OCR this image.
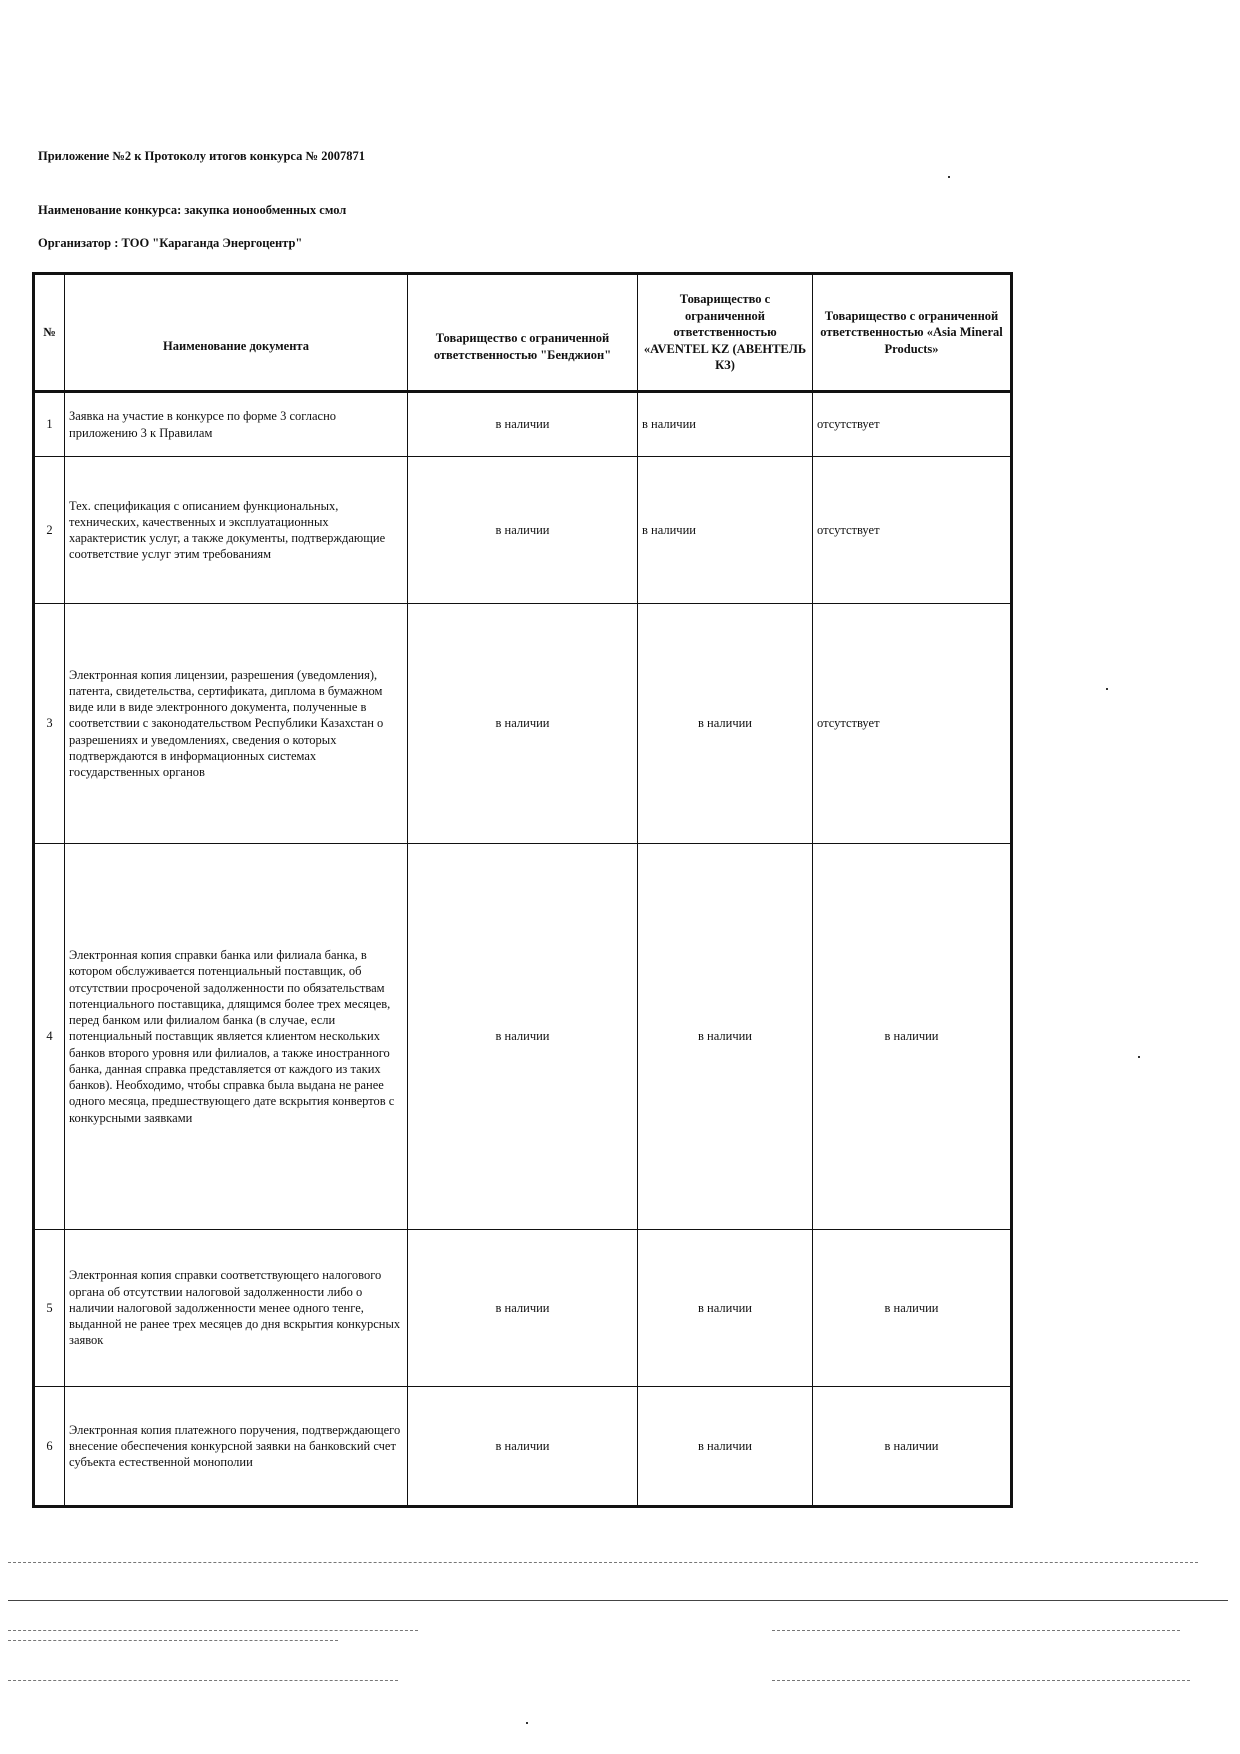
Приложение №2 к Протоколу итогов конкурса № 2007871
Наименование конкурса: закупка ионообменных смол
Организатор : ТОО "Караганда Энергоцентр"
№	Наименование документа	Товарищество с ограниченной ответственностью "Бенджион"	Товарищество с ограниченной ответственностью «AVENTEL KZ (АВЕНТЕЛЬ КЗ)	Товарищество с ограниченной ответственностью «Asia Mineral Products»
1	Заявка на участие в конкурсе по форме 3 согласно приложению 3 к Правилам	в наличии	в наличии	отсутствует
2	Тех. спецификация с описанием функциональных, технических, качественных и эксплуатационных характеристик услуг, а также документы, подтверждающие соответствие услуг этим требованиям	в наличии	в наличии	отсутствует
3	Электронная копия лицензии, разрешения (уведомления), патента, свидетельства, сертификата, диплома в бумажном виде или в виде электронного документа, полученные в соответствии с законодательством Республики Казахстан о разрешениях и уведомлениях, сведения о которых подтверждаются в информационных системах государственных органов	в наличии	в наличии	отсутствует
4	Электронная копия справки банка или филиала банка, в котором обслуживается потенциальный поставщик, об отсутствии просроченой задолженности по обязательствам потенциального поставщика, длящимся более трех месяцев, перед банком или филиалом банка (в случае, если потенциальный поставщик является клиентом нескольких банков второго уровня или филиалов, а также иностранного банка, данная справка представляется от каждого из таких банков). Необходимо, чтобы справка была выдана не ранее одного месяца, предшествующего дате вскрытия конвертов с конкурсными заявками	в наличии	в наличии	в наличии
5	Электронная копия справки соответствующего налогового органа об отсутствии налоговой задолженности либо о наличии налоговой задолженности менее одного тенге, выданной не ранее трех месяцев до дня вскрытия конкурсных заявок	в наличии	в наличии	в наличии
6	Электронная копия платежного поручения, подтверждающего внесение обеспечения конкурсной заявки на банковский счет субъекта естественной монополии	в наличии	в наличии	в наличии
